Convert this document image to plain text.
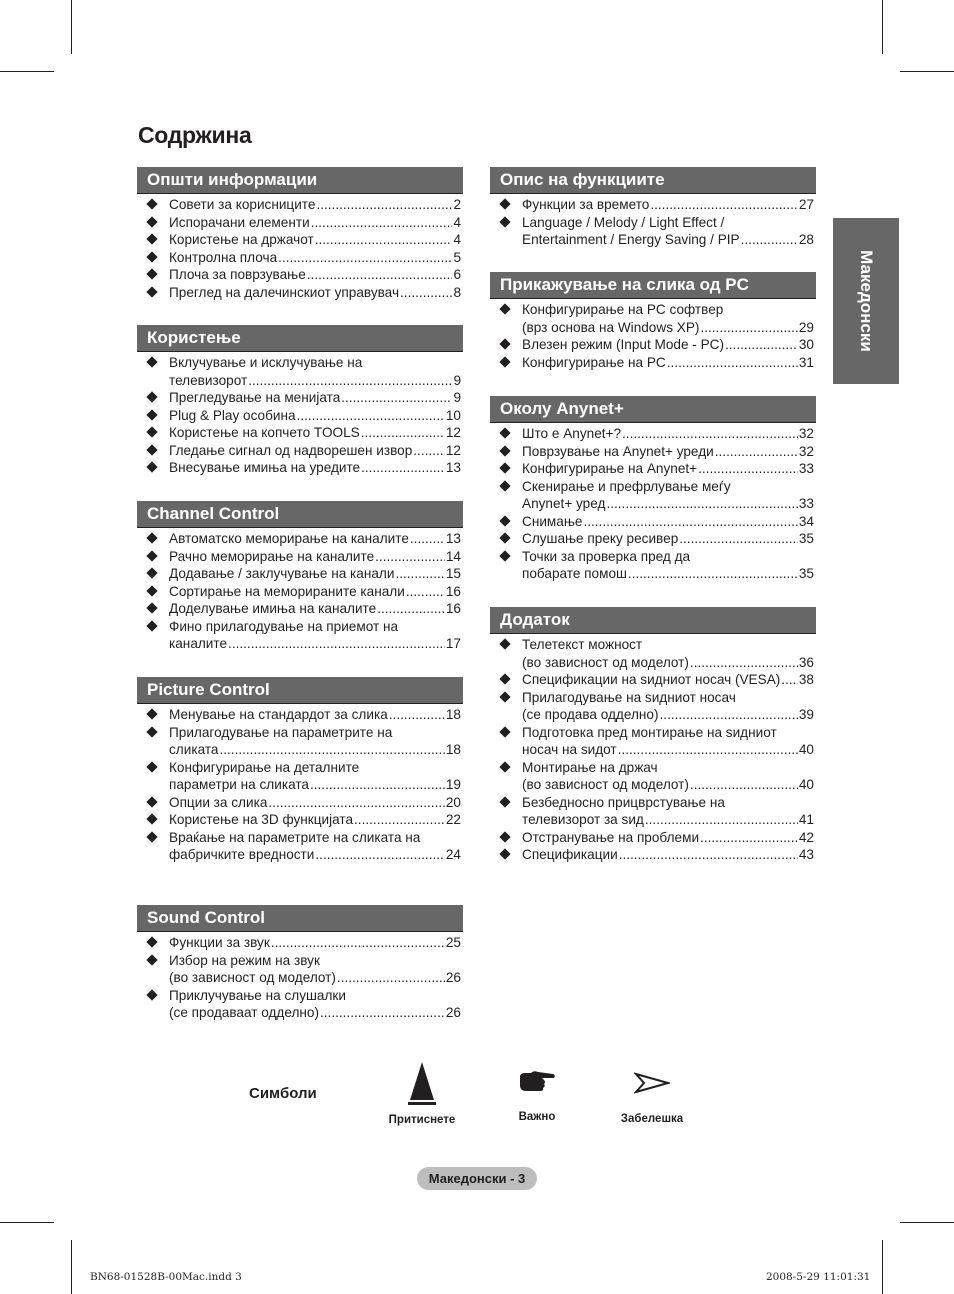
Содржина
Македонски
Општи информации
Совети за корисниците .....	2
Испорачани елементи .....	4
Користење на држачот .....	4
Контролна плоча .....	5
Плоча за поврзување .....	6
Преглед на далечинскиот управувач .....	8
Користење
Вклучување и исклучување на
телевизорот .....	9
Прегледување на менијата .....	9
Plug & Play особина .....	10
Користење на копчето TOOLS .....	12
Гледање сигнал од надворешен извор ..... 12
Внесување имиња на уредите .....	13
Channel Control
Автоматско меморирање на каналите .....	13
Рачно меморирање на каналите .....	14
Додавање / заклучување на канали .....	15
Сортирање на меморираните канали .....	16
Доделување имиња на каналите .....	16
Фино прилагодување на приемот на
каналите .....	17
Picture Control
Менување на стандардот за слика .....	18
Прилагодување на параметрите на
сликата .....	18
Конфигурирање на деталните
параметри на сликата .....	19
Опции за слика .....	20
Користење на 3D функцијата .....	22
Враќање на параметрите на сликата на
фабричките вредности .....	24
Sound Control
Функции за звук .....	25
Избор на режим на звук
(во зависност од моделот) .....	26
Приклучување на слушалки
(се продаваат одделно) .....	26
Опис на функциите
Функции за времето .....	27
Language / Melody / Light Effect /
Entertainment / Energy Saving / PIP .....	28
Прикажување на слика од PC
Конфигурирање на PC софтвер
(врз основа на Windows XP) .....	29
Влезен режим (Input Mode - PC) .....	30
Конфигурирање на PC .....	31
Околу Anynet+
Што е Anynet+? .....	32
Поврзување на Anynet+ уреди .....	32
Конфигурирање на Anynet+ .....	33
Скенирање и префрлување меѓу
Anynet+ уред .....	33
Снимање .....	34
Слушање преку ресивер .....	35
Точки за проверка пред да
побарате помош .....	35
Додаток
Телетекст можност
(во зависност од моделот) .....	36
Спецификации на sидниот носач (VESA) ..... 38
Прилагодување на sидниот носач
(се продава одделно) .....	39
Подготовка пред монтирање на sидниот
носач на sидот .....	40
Монтирање на држач
(во зависност од моделот) .....	40
Безбедносно прицврстување на
телевизорот за sид .....	41
Отстранување на проблеми .....	42
Спецификации .....	43
Симболи
Притиснете	Важно	Забелешка
Македонски - 3
BN68-01528B-00Mac.indd 3	2008-5-29 11:01:31
